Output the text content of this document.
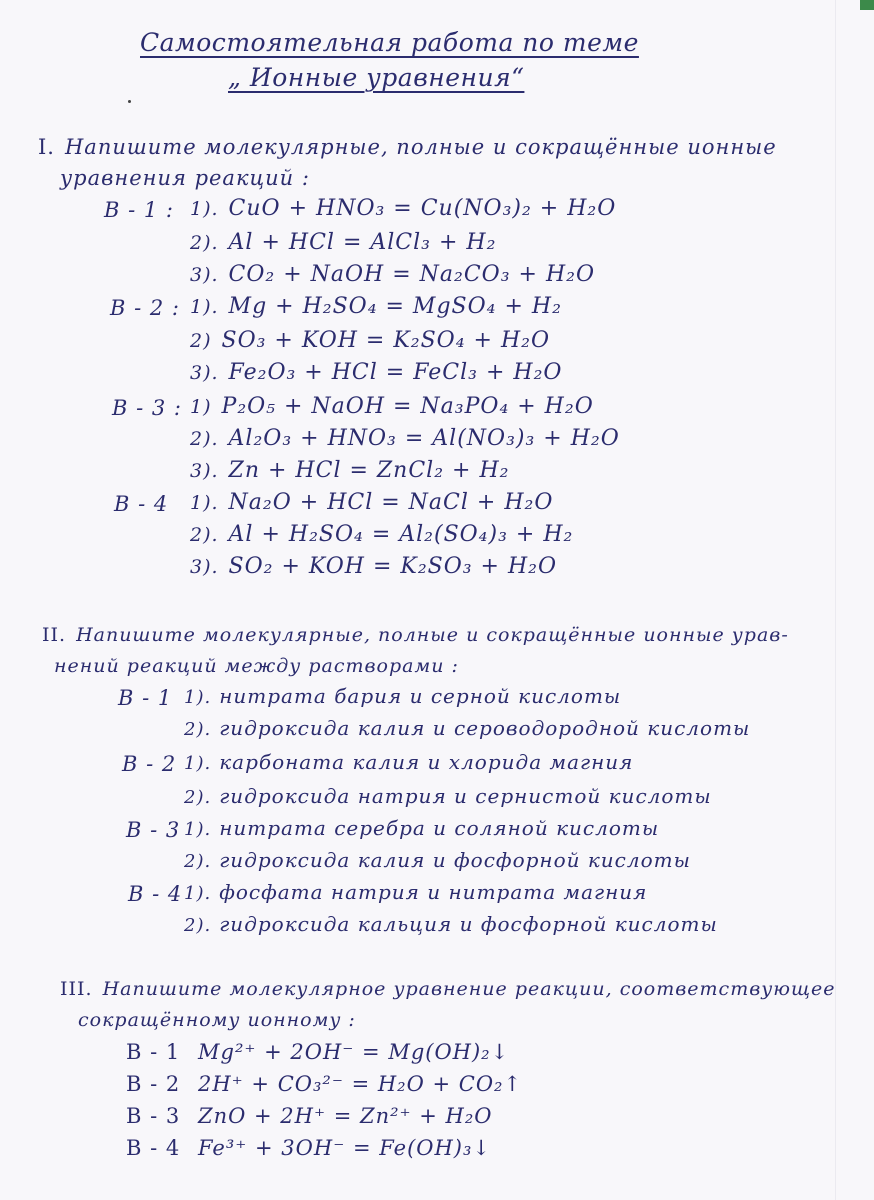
Самостоятельная работа по теме
„ Ионные уравнения“
I. Напишите молекулярные, полные и сокращённые ионные
уравнения реакций :
В - 1 : 1). CuO + HNO₃ = Cu(NO₃)₂ + H₂O
2). Al + HCl = AlCl₃ + H₂
3). CO₂ + NaOH = Na₂CO₃ + H₂O
В - 2 : 1). Mg + H₂SO₄ = MgSO₄ + H₂
2) SO₃ + KOH = K₂SO₄ + H₂O
3). Fe₂O₃ + HCl = FeCl₃ + H₂O
В - 3 : 1) P₂O₅ + NaOH = Na₃PO₄ + H₂O
2). Al₂O₃ + HNO₃ = Al(NO₃)₃ + H₂O
3). Zn + HCl = ZnCl₂ + H₂
В - 4 1). Na₂O + HCl = NaCl + H₂O
2). Al + H₂SO₄ = Al₂(SO₄)₃ + H₂
3). SO₂ + KOH = K₂SO₃ + H₂O
II. Напишите молекулярные, полные и сокращённые ионные урав-
нений реакций между растворами :
В - 1 1). нитрата бария и серной кислоты
2). гидроксида калия и сероводородной кислоты
В - 2 1). карбоната калия и хлорида магния
2). гидроксида натрия и сернистой кислоты
В - 3 1). нитрата серебра и соляной кислоты
2). гидроксида калия и фосфорной кислоты
В - 4 1). фосфата натрия и нитрата магния
2). гидроксида кальция и фосфорной кислоты
III. Напишите молекулярное уравнение реакции, соответствующее
сокращённому ионному :
В - 1 Mg²⁺ + 2OH⁻ = Mg(OH)₂↓
В - 2 2H⁺ + CO₃²⁻ = H₂O + CO₂↑
В - 3 ZnO + 2H⁺ = Zn²⁺ + H₂O
В - 4 Fe³⁺ + 3OH⁻ = Fe(OH)₃↓
